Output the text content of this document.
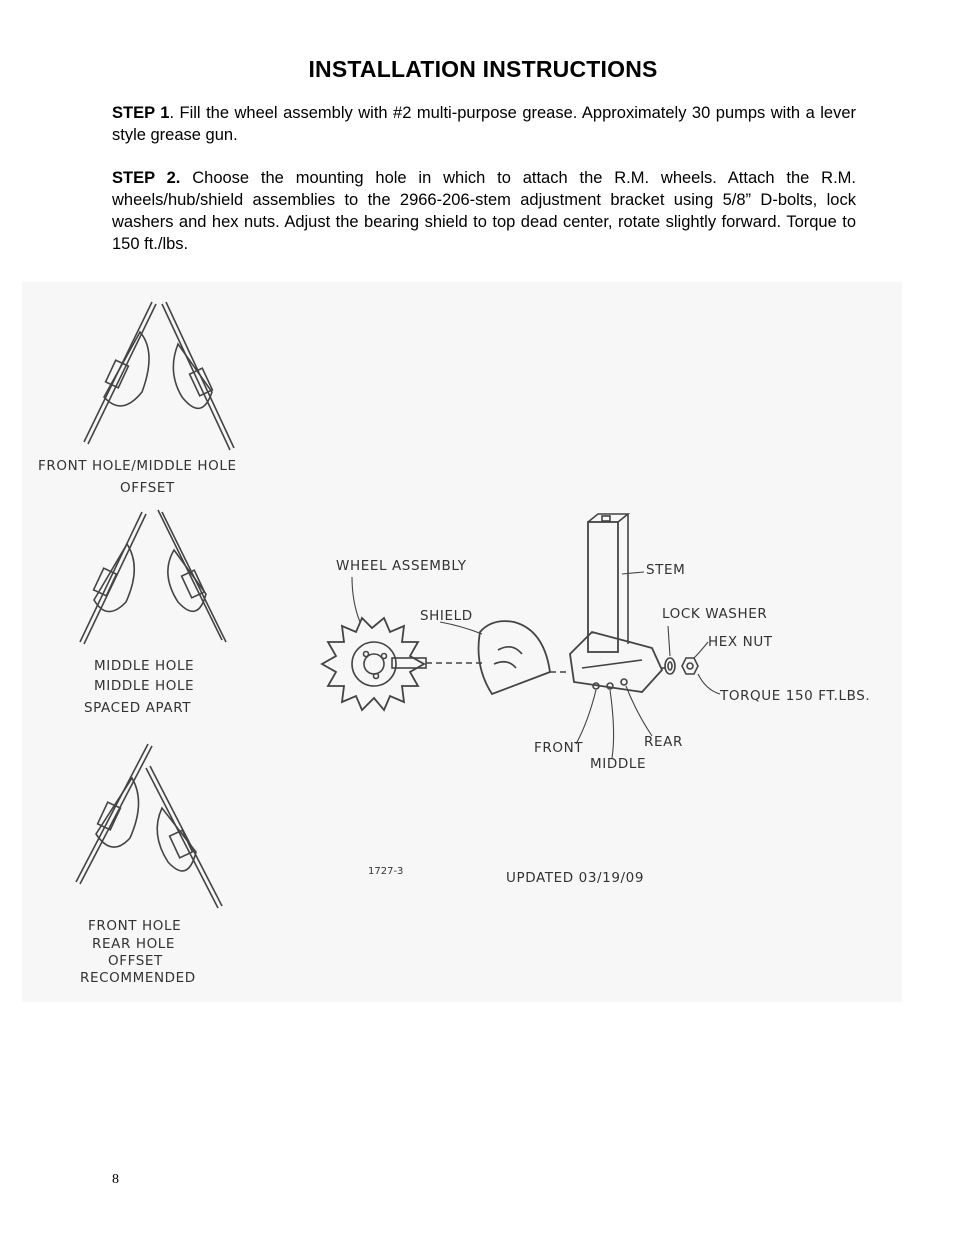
INSTALLATION INSTRUCTIONS
STEP 1. Fill the wheel assembly with #2 multi-purpose grease. Approximately 30 pumps with a lever style grease gun.
STEP 2. Choose the mounting hole in which to attach the R.M. wheels. Attach the R.M. wheels/hub/shield assemblies to the 2966-206-stem adjustment bracket using 5/8” D-bolts, lock washers and hex nuts. Adjust the bearing shield to top dead center, rotate slightly forward. Torque to 150 ft./lbs.
FRONT HOLE/MIDDLE HOLE
OFFSET
MIDDLE HOLE
MIDDLE HOLE
SPACED APART
FRONT HOLE
REAR HOLE
OFFSET
RECOMMENDED
WHEEL ASSEMBLY
SHIELD
STEM
LOCK WASHER
HEX NUT
TORQUE 150 FT.LBS.
FRONT
MIDDLE
REAR
1727-3	UPDATED 03/19/09
8
